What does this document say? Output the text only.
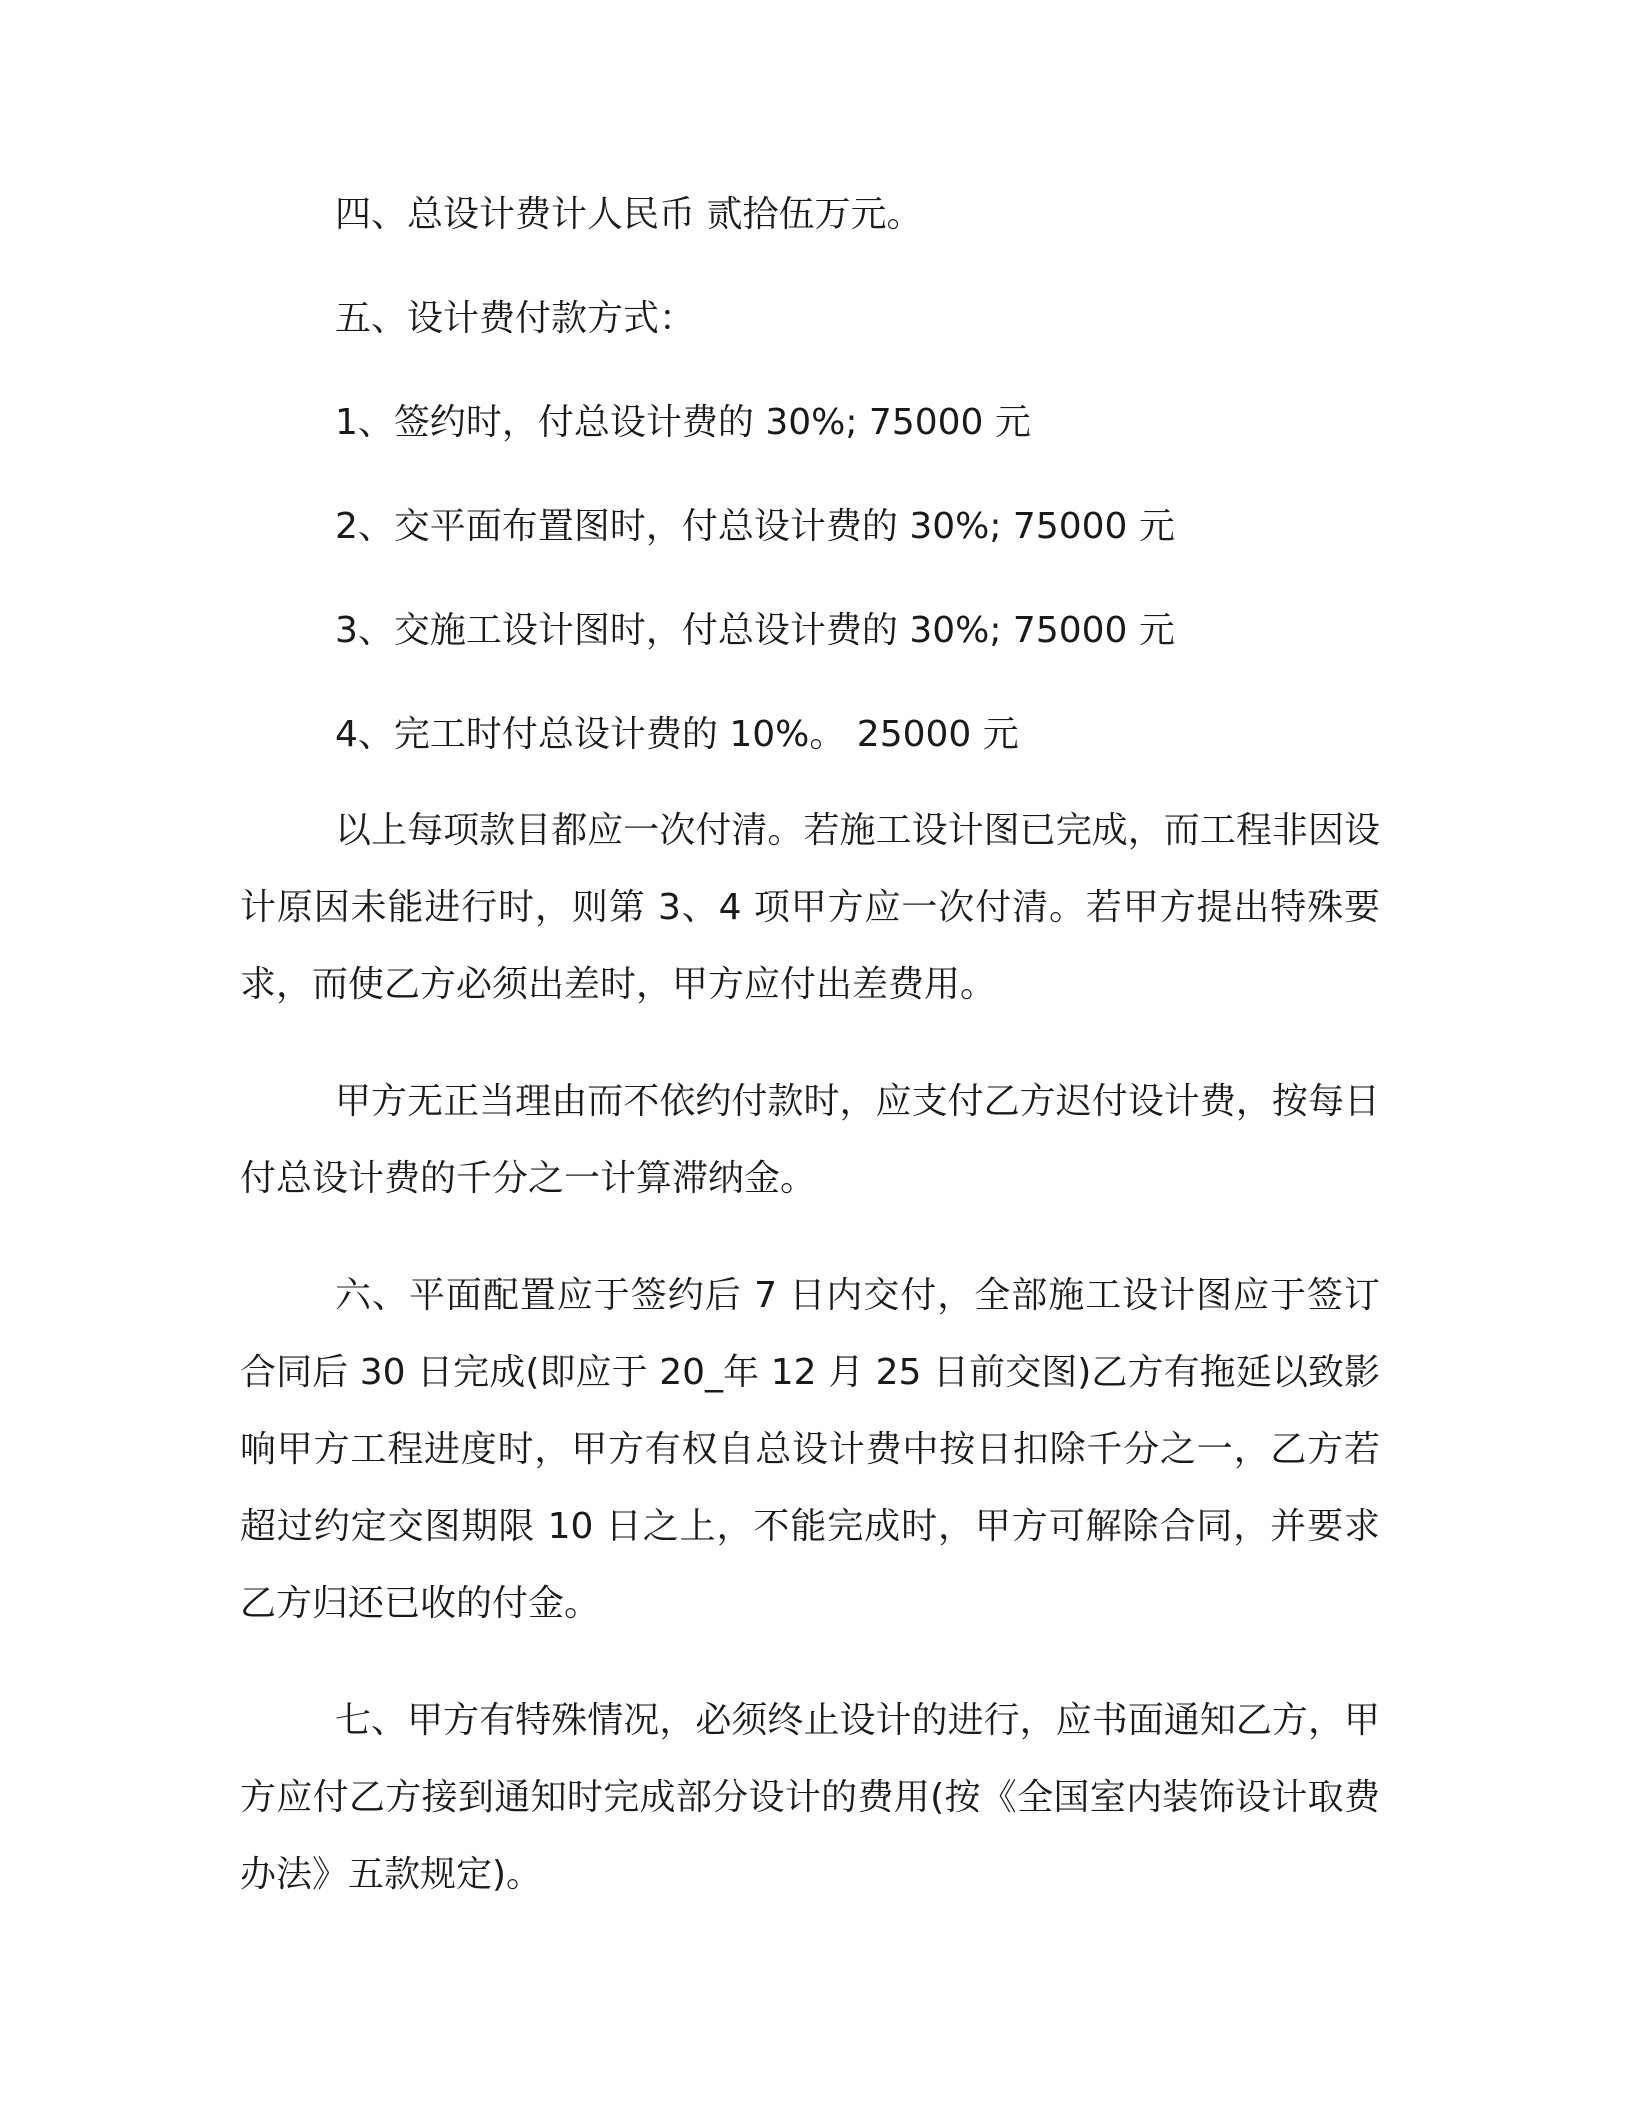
四、总设计费计人民币 贰拾伍万元。

五、设计费付款方式：

1、签约时，付总设计费的 30%; 75000 元

2、交平面布置图时，付总设计费的 30%; 75000 元

3、交施工设计图时，付总设计费的 30%; 75000 元

4、完工时付总设计费的 10%。 25000 元

以上每项款目都应一次付清。若施工设计图已完成，而工程非因设计原因未能进行时，则第 3、4 项甲方应一次付清。若甲方提出特殊要求，而使乙方必须出差时，甲方应付出差费用。

甲方无正当理由而不依约付款时，应支付乙方迟付设计费，按每日付总设计费的千分之一计算滞纳金。

六、平面配置应于签约后 7 日内交付，全部施工设计图应于签订合同后 30 日完成(即应于 20_年 12 月 25 日前交图)乙方有拖延以致影响甲方工程进度时，甲方有权自总设计费中按日扣除千分之一，乙方若超过约定交图期限 10 日之上，不能完成时，甲方可解除合同，并要求乙方归还已收的付金。

七、甲方有特殊情况，必须终止设计的进行，应书面通知乙方，甲方应付乙方接到通知时完成部分设计的费用(按《全国室内装饰设计取费办法》五款规定)。
